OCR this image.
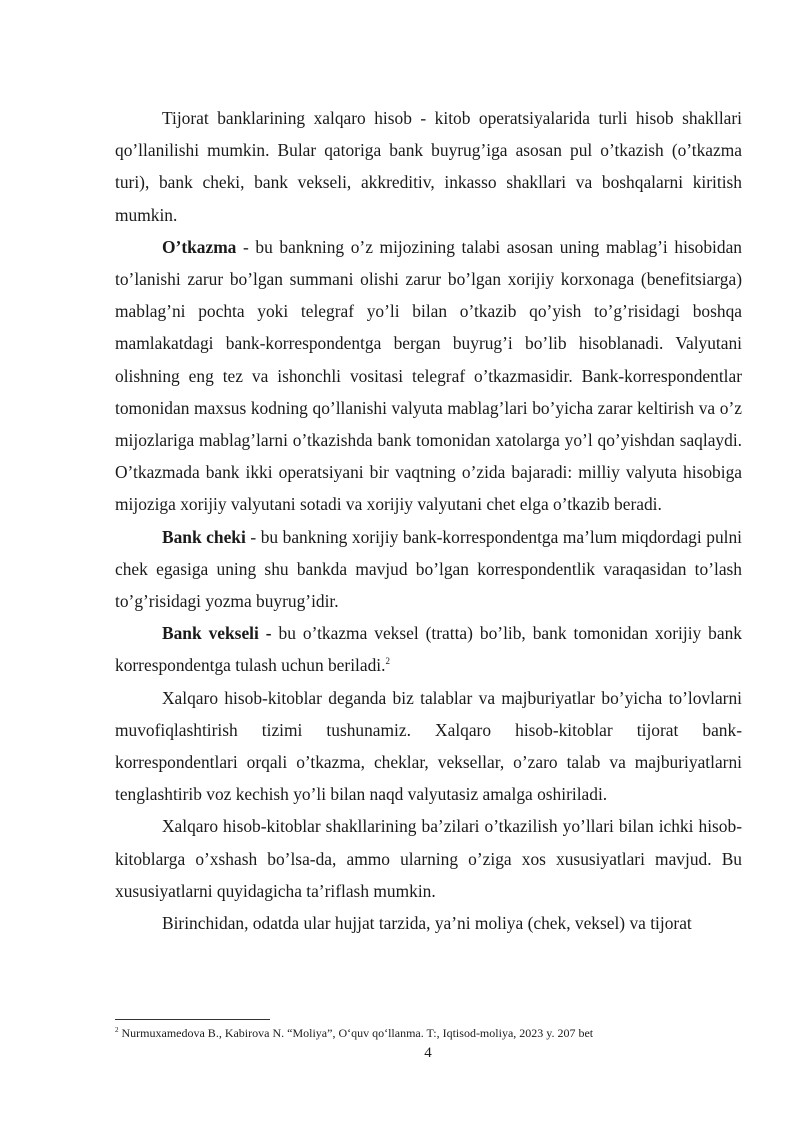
Tijorat banklarining xalqaro hisob - kitob operatsiyalarida turli hisob shakllari qo’llanilishi mumkin. Bular qatoriga bank buyrug’iga asosan pul o’tkazish (o’tkazma turi), bank cheki, bank vekseli, akkreditiv, inkasso shakllari va boshqalarni kiritish mumkin.

O’tkazma - bu bankning o’z mijozining talabi asosan uning mablag’i hisobidan to’lanishi zarur bo’lgan summani olishi zarur bo’lgan xorijiy korxonaga (benefitsiarga) mablag’ni pochta yoki telegraf yo’li bilan o’tkazib qo’yish to’g’risidagi boshqa mamlakatdagi bank-korrespondentga bergan buyrug’i bo’lib hisoblanadi. Valyutani olishning eng tez va ishonchli vositasi telegraf o’tkazmasidir. Bank-korrespondentlar tomonidan maxsus kodning qo’llanishi valyuta mablag’lari bo’yicha zarar keltirish va o’z mijozlariga mablag’larni o’tkazishda bank tomonidan xatolarga yo’l qo’yishdan saqlaydi. O’tkazmada bank ikki operatsiyani bir vaqtning o’zida bajaradi: milliy valyuta hisobiga mijoziga xorijiy valyutani sotadi va xorijiy valyutani chet elga o’tkazib beradi.

Bank cheki - bu bankning xorijiy bank-korrespondentga ma’lum miqdordagi pulni chek egasiga uning shu bankda mavjud bo’lgan korrespondentlik varaqasidan to’lash to’g’risidagi yozma buyrug’idir.

Bank vekseli - bu o’tkazma veksel (tratta) bo’lib, bank tomonidan xorijiy bank korrespondentga tulash uchun beriladi.$^2$

Xalqaro hisob-kitoblar deganda biz talablar va majburiyatlar bo’yicha to’lovlarni muvofiqlashtirish tizimi tushunamiz. Xalqaro hisob-kitoblar tijorat bank-korrespondentlari orqali o’tkazma, cheklar, veksellar, o’zaro talab va majburiyatlarni tenglashtirib voz kechish yo’li bilan naqd valyutasiz amalga oshiriladi.

Xalqaro hisob-kitoblar shakllarining ba’zilari o’tkazilish yo’llari bilan ichki hisob-kitoblarga o’xshash bo’lsa-da, ammo ularning o’ziga xos xususiyatlari mavjud. Bu xususiyatlarni quyidagicha ta’riflash mumkin.

Birinchidan, odatda ular hujjat tarzida, ya’ni moliya (chek, veksel) va tijorat

$^2$ Nurmuxamedova B., Kabirova N. “Moliya”, O‘quv qo‘llanma. T:, Iqtisod-moliya, 2023 y. 207 bet

4
